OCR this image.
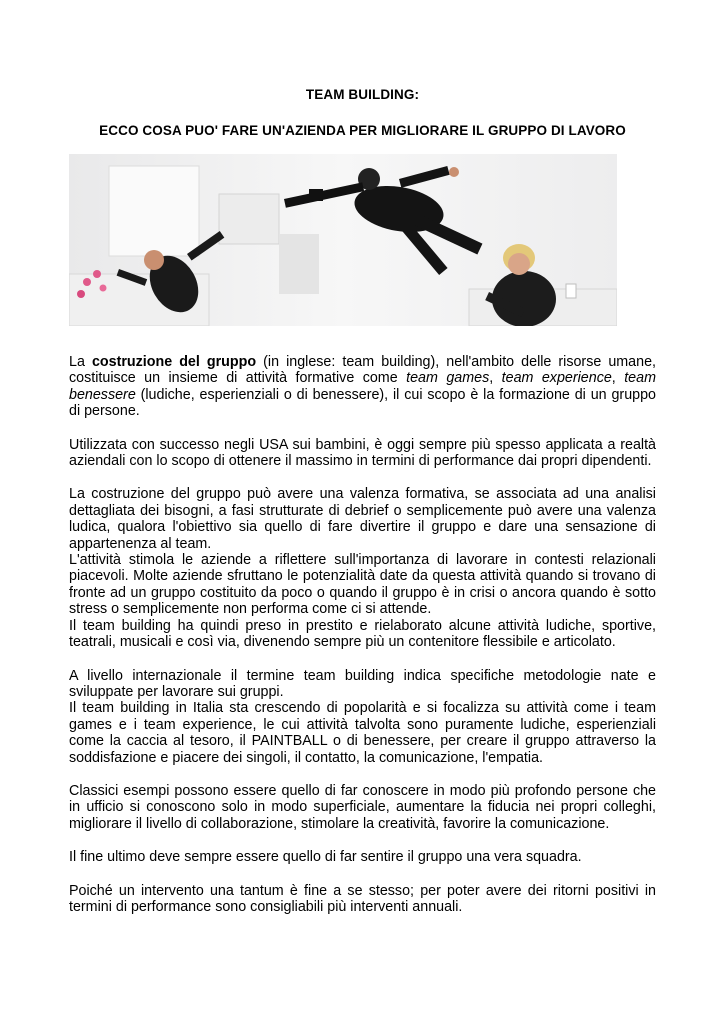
TEAM BUILDING:
ECCO COSA PUO' FARE UN'AZIENDA PER MIGLIORARE IL GRUPPO DI LAVORO

La costruzione del gruppo (in inglese: team building), nell'ambito delle risorse umane, costituisce un insieme di attività formative come team games, team experience, team benessere (ludiche, esperienziali o di benessere), il cui scopo è la formazione di un gruppo di persone.

Utilizzata con successo negli USA sui bambini, è oggi sempre più spesso applicata a realtà aziendali con lo scopo di ottenere il massimo in termini di performance dai propri dipendenti.

La costruzione del gruppo può avere una valenza formativa, se associata ad una analisi dettagliata dei bisogni, a fasi strutturate di debrief o semplicemente può avere una valenza ludica, qualora l'obiettivo sia quello di fare divertire il gruppo e dare una sensazione di appartenenza al team.

L'attività stimola le aziende a riflettere sull'importanza di lavorare in contesti relazionali piacevoli. Molte aziende sfruttano le potenzialità date da questa attività quando si trovano di fronte ad un gruppo costituito da poco o quando il gruppo è in crisi o ancora quando è sotto stress o semplicemente non performa come ci si attende.

Il team building ha quindi preso in prestito e rielaborato alcune attività ludiche, sportive, teatrali, musicali e così via, divenendo sempre più un contenitore flessibile e articolato.

A livello internazionale il termine team building indica specifiche metodologie nate e sviluppate per lavorare sui gruppi.

Il team building in Italia sta crescendo di popolarità e si focalizza su attività come i team games e i team experience, le cui attività talvolta sono puramente ludiche, esperienziali come la caccia al tesoro, il PAINTBALL o di benessere, per creare il gruppo attraverso la soddisfazione e piacere dei singoli, il contatto, la comunicazione, l'empatia.

Classici esempi possono essere quello di far conoscere in modo più profondo persone che in ufficio si conoscono solo in modo superficiale, aumentare la fiducia nei propri colleghi, migliorare il livello di collaborazione, stimolare la creatività, favorire la comunicazione.

Il fine ultimo deve sempre essere quello di far sentire il gruppo una vera squadra.

Poiché un intervento una tantum è fine a se stesso; per poter avere dei ritorni positivi in termini di performance sono consigliabili più interventi annuali.
